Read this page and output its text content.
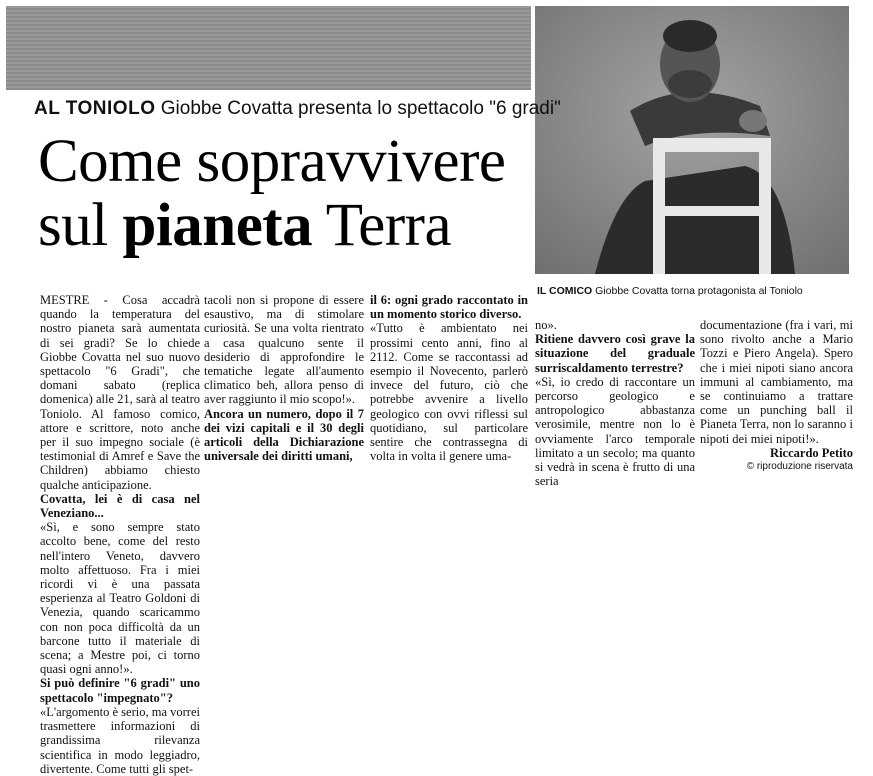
AL TONIOLO Giobbe Covatta presenta lo spettacolo "6 gradi"
Come sopravvivere
sul pianeta Terra
IL COMICO Giobbe Covatta torna protagonista al Toniolo

MESTRE - Cosa accadrà quando la temperatura del nostro pianeta sarà aumentata di sei gradi? Se lo chiede Giobbe Covatta nel suo nuovo spettacolo "6 Gradi", che domani sabato (replica domenica) alle 21, sarà al teatro Toniolo. Al famoso comico, attore e scrittore, noto anche per il suo impegno sociale (è testimonial di Amref e Save the Children) abbiamo chiesto qualche anticipazione.

Covatta, lei è di casa nel Veneziano...

«Sì, e sono sempre stato accolto bene, come del resto nell'intero Veneto, davvero molto affettuoso. Fra i miei ricordi vi è una passata esperienza al Teatro Goldoni di Venezia, quando scaricammo con non poca difficoltà da un barcone tutto il materiale di scena; a Mestre poi, ci torno quasi ogni anno!».

Si può definire "6 gradi" uno spettacolo "impegnato"?

«L'argomento è serio, ma vorrei trasmettere informazioni di grandissima rilevanza scientifica in modo leggiadro, divertente. Come tutti gli spet-

tacoli non si propone di essere esaustivo, ma di stimolare curiosità. Se una volta rientrato a casa qualcuno sente il desiderio di approfondire le tematiche legate all'aumento climatico beh, allora penso di aver raggiunto il mio scopo!».

Ancora un numero, dopo il 7 dei vizi capitali e il 30 degli articoli della Dichiarazione universale dei diritti umani,

il 6: ogni grado raccontato in un momento storico diverso.

«Tutto è ambientato nei prossimi cento anni, fino al 2112. Come se raccontassi ad esempio il Novecento, parlerò invece del futuro, ciò che potrebbe avvenire a livello geologico con ovvi riflessi sul quotidiano, sul particolare sentire che contrassegna di volta in volta il genere uma-

no».

Ritiene davvero così grave la situazione del graduale surriscaldamento terrestre?

«Sì, io credo di raccontare un percorso geologico e antropologico abbastanza verosimile, mentre non lo è ovviamente l'arco temporale limitato a un secolo; ma quanto si vedrà in scena è frutto di una seria

documentazione (fra i vari, mi sono rivolto anche a Mario Tozzi e Piero Angela). Spero che i miei nipoti siano ancora immuni al cambiamento, ma se continuiamo a trattare come un punching ball il Pianeta Terra, non lo saranno i nipoti dei miei nipoti!».

Riccardo Petito

© riproduzione riservata
